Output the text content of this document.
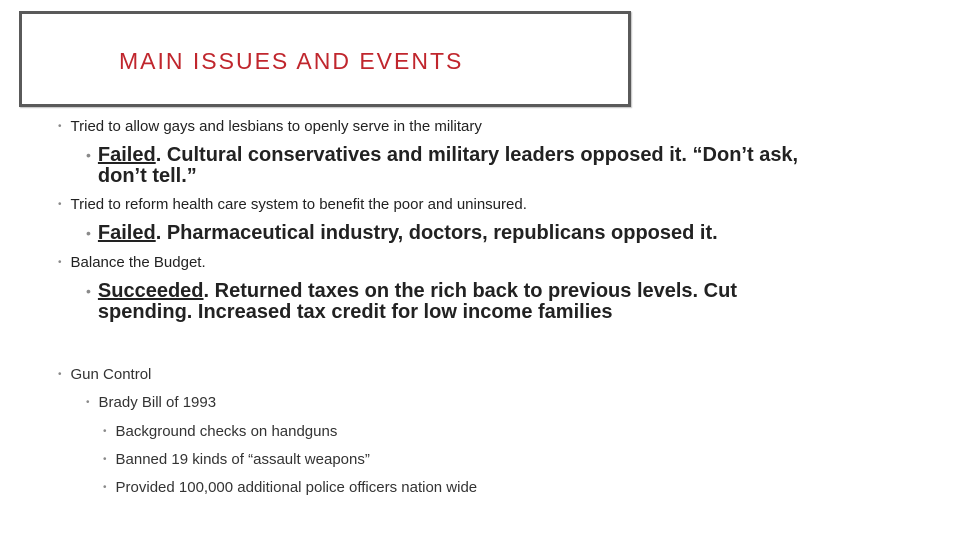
MAIN ISSUES AND EVENTS
• Tried to allow gays and lesbians to openly serve in the military
• Failed. Cultural conservatives and military leaders opposed it. “Don’t ask,
don’t tell.”
• Tried to reform health care system to benefit the poor and uninsured.
• Failed. Pharmaceutical industry, doctors, republicans opposed it.
• Balance the Budget.
• Succeeded. Returned taxes on the rich back to previous levels. Cut
spending. Increased tax credit for low income families
• Gun Control
• Brady Bill of 1993
• Background checks on handguns
• Banned 19 kinds of “assault weapons”
• Provided 100,000 additional police officers nation wide
